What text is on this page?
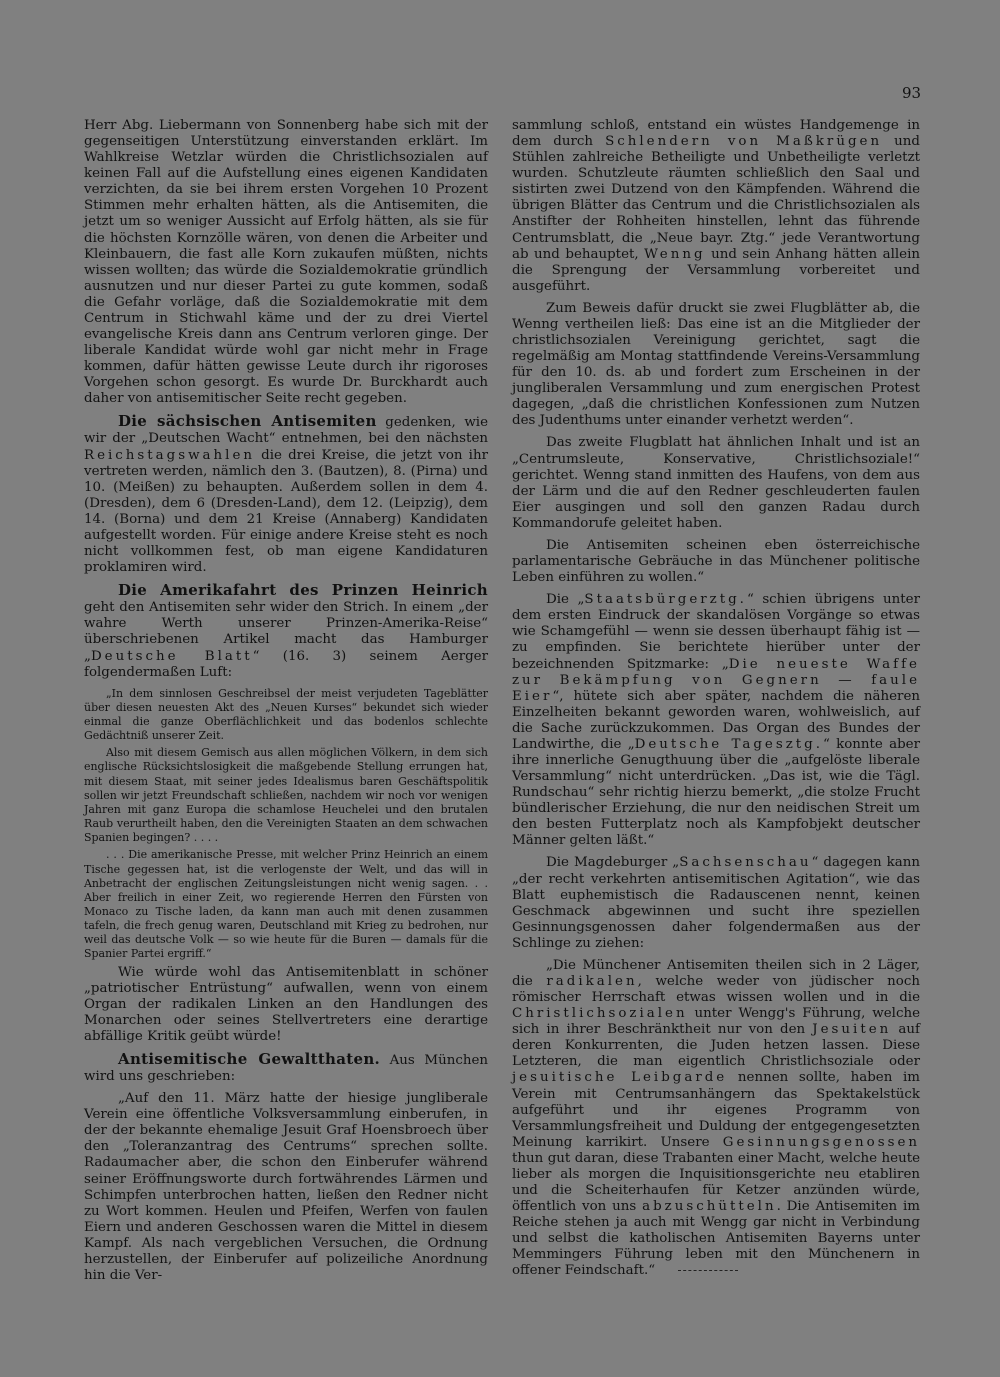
93

Herr Abg. Liebermann von Sonnenberg habe sich mit der gegenseitigen Unterstützung einverstanden erklärt. Im Wahlkreise Wetzlar würden die Christlichsozialen auf keinen Fall auf die Aufstellung eines eigenen Kandidaten verzichten, da sie bei ihrem ersten Vorgehen 10 Prozent Stimmen mehr erhalten hätten, als die Antisemiten, die jetzt um so weniger Aussicht auf Erfolg hätten, als sie für die höchsten Kornzölle wären, von denen die Arbeiter und Kleinbauern, die fast alle Korn zukaufen müßten, nichts wissen wollten; das würde die Sozialdemokratie gründlich ausnutzen und nur dieser Partei zu gute kommen, sodaß die Gefahr vorläge, daß die Sozialdemokratie mit dem Centrum in Stichwahl käme und der zu drei Viertel evangelische Kreis dann ans Centrum verloren ginge. Der liberale Kandidat würde wohl gar nicht mehr in Frage kommen, dafür hätten gewisse Leute durch ihr rigoroses Vorgehen schon gesorgt. Es wurde Dr. Burckhardt auch daher von antisemitischer Seite recht gegeben.

Die sächsischen Antisemiten gedenken, wie wir der „Deutschen Wacht“ entnehmen, bei den nächsten Reichstagswahlen die drei Kreise, die jetzt von ihr vertreten werden, nämlich den 3. (Bautzen), 8. (Pirna) und 10. (Meißen) zu behaupten. Außerdem sollen in dem 4. (Dresden), dem 6 (Dresden-Land), dem 12. (Leipzig), dem 14. (Borna) und dem 21 Kreise (Annaberg) Kandidaten aufgestellt worden. Für einige andere Kreise steht es noch nicht vollkommen fest, ob man eigene Kandidaturen proklamiren wird.

Die Amerikafahrt des Prinzen Heinrich geht den Antisemiten sehr wider den Strich. In einem „der wahre Werth unserer Prinzen-Amerika-Reise“ überschriebenen Artikel macht das Hamburger „Deutsche Blatt“ (16. 3) seinem Aerger folgendermaßen Luft:

„In dem sinnlosen Geschreibsel der meist verjudeten Tageblätter über diesen neuesten Akt des „Neuen Kurses“ bekundet sich wieder einmal die ganze Oberflächlichkeit und das bodenlos schlechte Gedächtniß unserer Zeit.

Also mit diesem Gemisch aus allen möglichen Völkern, in dem sich englische Rücksichtslosigkeit die maßgebende Stellung errungen hat, mit diesem Staat, mit seiner jedes Idealismus baren Geschäftspolitik sollen wir jetzt Freundschaft schließen, nachdem wir noch vor wenigen Jahren mit ganz Europa die schamlose Heuchelei und den brutalen Raub verurtheilt haben, den die Vereinigten Staaten an dem schwachen Spanien begingen? . . . .

. . . Die amerikanische Presse, mit welcher Prinz Heinrich an einem Tische gegessen hat, ist die verlogenste der Welt, und das will in Anbetracht der englischen Zeitungsleistungen nicht wenig sagen. . . Aber freilich in einer Zeit, wo regierende Herren den Fürsten von Monaco zu Tische laden, da kann man auch mit denen zusammen tafeln, die frech genug waren, Deutschland mit Krieg zu bedrohen, nur weil das deutsche Volk — so wie heute für die Buren — damals für die Spanier Partei ergriff.“

Wie würde wohl das Antisemitenblatt in schöner „patriotischer Entrüstung“ aufwallen, wenn von einem Organ der radikalen Linken an den Handlungen des Monarchen oder seines Stellvertreters eine derartige abfällige Kritik geübt würde!

Antisemitische Gewaltthaten. Aus München wird uns geschrieben:

„Auf den 11. März hatte der hiesige jungliberale Verein eine öffentliche Volksversammlung einberufen, in der der bekannte ehemalige Jesuit Graf Hoensbroech über den „Toleranzantrag des Centrums“ sprechen sollte. Radaumacher aber, die schon den Einberufer während seiner Eröffnungsworte durch fortwährendes Lärmen und Schimpfen unterbrochen hatten, ließen den Redner nicht zu Wort kommen. Heulen und Pfeifen, Werfen von faulen Eiern und anderen Geschossen waren die Mittel in diesem Kampf. Als nach vergeblichen Versuchen, die Ordnung herzustellen, der Einberufer auf polizeiliche Anordnung hin die Ver-

sammlung schloß, entstand ein wüstes Handgemenge in dem durch Schlendern von Maßkrügen und Stühlen zahlreiche Betheiligte und Unbetheiligte verletzt wurden. Schutzleute räumten schließlich den Saal und sistirten zwei Dutzend von den Kämpfenden. Während die übrigen Blätter das Centrum und die Christlichsozialen als Anstifter der Rohheiten hinstellen, lehnt das führende Centrumsblatt, die „Neue bayr. Ztg.“ jede Verantwortung ab und behauptet, Wenng und sein Anhang hätten allein die Sprengung der Versammlung vorbereitet und ausgeführt.

Zum Beweis dafür druckt sie zwei Flugblätter ab, die Wenng vertheilen ließ: Das eine ist an die Mitglieder der christlichsozialen Vereinigung gerichtet, sagt die regelmäßig am Montag stattfindende Vereins-Versammlung für den 10. ds. ab und fordert zum Erscheinen in der jungliberalen Versammlung und zum energischen Protest dagegen, „daß die christlichen Konfessionen zum Nutzen des Judenthums unter einander verhetzt werden“.

Das zweite Flugblatt hat ähnlichen Inhalt und ist an „Centrumsleute, Konservative, Christlichsoziale!“ gerichtet. Wenng stand inmitten des Haufens, von dem aus der Lärm und die auf den Redner geschleuderten faulen Eier ausgingen und soll den ganzen Radau durch Kommandorufe geleitet haben.

Die Antisemiten scheinen eben österreichische parlamentarische Gebräuche in das Münchener politische Leben einführen zu wollen.“

Die „Staatsbürgerztg.“ schien übrigens unter dem ersten Eindruck der skandalösen Vorgänge so etwas wie Schamgefühl — wenn sie dessen überhaupt fähig ist — zu empfinden. Sie berichtete hierüber unter der bezeichnenden Spitzmarke: „Die neueste Waffe zur Bekämpfung von Gegnern — faule Eier“, hütete sich aber später, nachdem die näheren Einzelheiten bekannt geworden waren, wohlweislich, auf die Sache zurückzukommen. Das Organ des Bundes der Landwirthe, die „Deutsche Tagesztg.“ konnte aber ihre innerliche Genugthuung über die „aufgelöste liberale Versammlung“ nicht unterdrücken. „Das ist, wie die Tägl. Rundschau“ sehr richtig hierzu bemerkt, „die stolze Frucht bündlerischer Erziehung, die nur den neidischen Streit um den besten Futterplatz noch als Kampfobjekt deutscher Männer gelten läßt.“

Die Magdeburger „Sachsenschau“ dagegen kann „der recht verkehrten antisemitischen Agitation“, wie das Blatt euphemistisch die Radauscenen nennt, keinen Geschmack abgewinnen und sucht ihre speziellen Gesinnungsgenossen daher folgendermaßen aus der Schlinge zu ziehen:

„Die Münchener Antisemiten theilen sich in 2 Läger, die radikalen, welche weder von jüdischer noch römischer Herrschaft etwas wissen wollen und in die Christlichsozialen unter Wengg's Führung, welche sich in ihrer Beschränktheit nur von den Jesuiten auf deren Konkurrenten, die Juden hetzen lassen. Diese Letzteren, die man eigentlich Christlichsoziale oder jesuitische Leibgarde nennen sollte, haben im Verein mit Centrumsanhängern das Spektakelstück aufgeführt und ihr eigenes Programm von Versammlungsfreiheit und Duldung der entgegengesetzten Meinung karrikirt. Unsere Gesinnungsgenossen thun gut daran, diese Trabanten einer Macht, welche heute lieber als morgen die Inquisitionsgerichte neu etabliren und die Scheiterhaufen für Ketzer anzünden würde, öffentlich von uns abzuschütteln. Die Antisemiten im Reiche stehen ja auch mit Wengg gar nicht in Verbindung und selbst die katholischen Antisemiten Bayerns unter Memmingers Führung leben mit den Münchenern in offener Feindschaft.“
